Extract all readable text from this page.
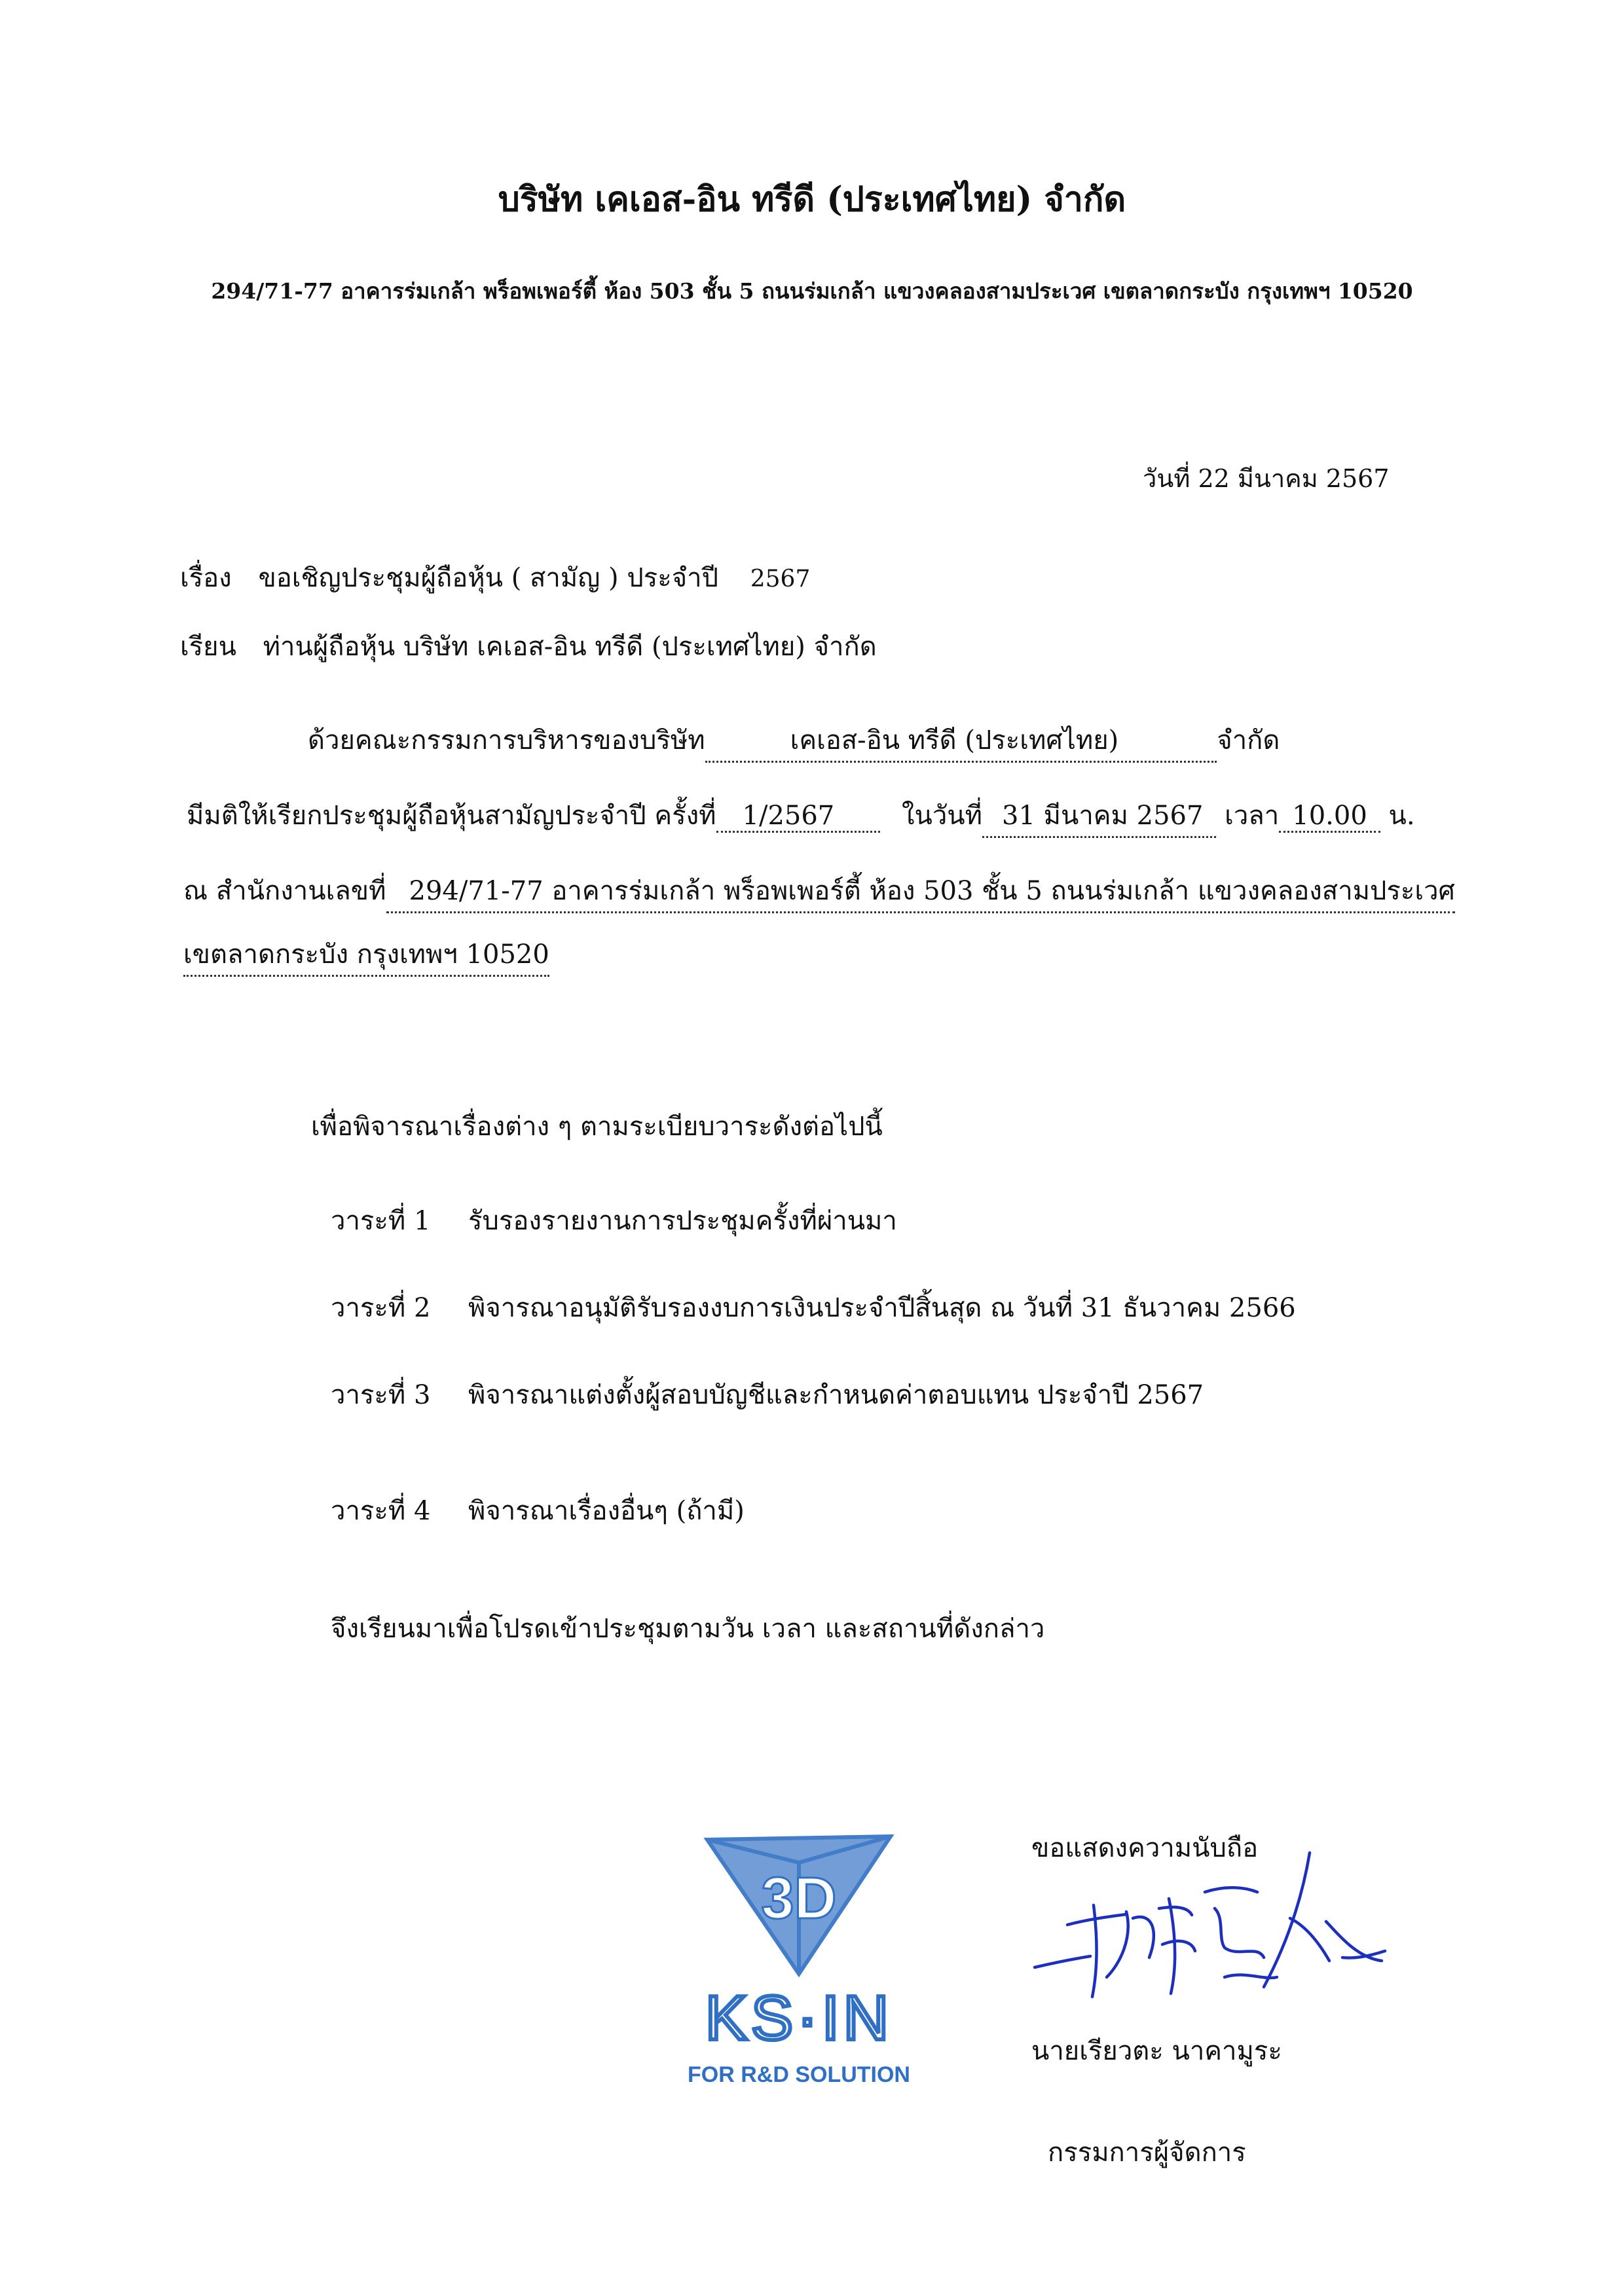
บริษัท เคเอส-อิน ทรีดี (ประเทศไทย) จำกัด
294/71-77 อาคารร่มเกล้า พร็อพเพอร์ตี้ ห้อง 503 ชั้น 5 ถนนร่มเกล้า แขวงคลองสามประเวศ เขตลาดกระบัง กรุงเทพฯ 10520
วันที่ 22 มีนาคม 2567
เรื่อง ขอเชิญประชุมผู้ถือหุ้น ( สามัญ ) ประจำปี 2567
เรียน ท่านผู้ถือหุ้น บริษัท เคเอส-อิน ทรีดี (ประเทศไทย) จำกัด
ด้วยคณะกรรมการบริหารของบริษัท	เคเอส-อิน ทรีดี (ประเทศไทย)	จำกัด
มีมติให้เรียกประชุมผู้ถือหุ้นสามัญประจำปี ครั้งที่ 1/2567	ในวันที่ 31 มีนาคม 2567 เวลา 10.00 น.
ณ สำนักงานเลขที่ 294/71-77 อาคารร่มเกล้า พร็อพเพอร์ตี้ ห้อง 503 ชั้น 5 ถนนร่มเกล้า แขวงคลองสามประเวศ
เขตลาดกระบัง กรุงเทพฯ 10520
เพื่อพิจารณาเรื่องต่าง ๆ ตามระเบียบวาระดังต่อไปนี้
วาระที่ 1 รับรองรายงานการประชุมครั้งที่ผ่านมา
วาระที่ 2 พิจารณาอนุมัติรับรองงบการเงินประจำปีสิ้นสุด ณ วันที่ 31 ธันวาคม 2566
วาระที่ 3 พิจารณาแต่งตั้งผู้สอบบัญชีและกำหนดค่าตอบแทน ประจำปี 2567
วาระที่ 4 พิจารณาเรื่องอื่นๆ (ถ้ามี)
จึงเรียนมาเพื่อโปรดเข้าประชุมตามวัน เวลา และสถานที่ดังกล่าว
ขอแสดงความนับถือ
นายเรียวตะ นาคามูระ
กรรมการผู้จัดการ
3D
KS·IN
FOR R&D SOLUTION
